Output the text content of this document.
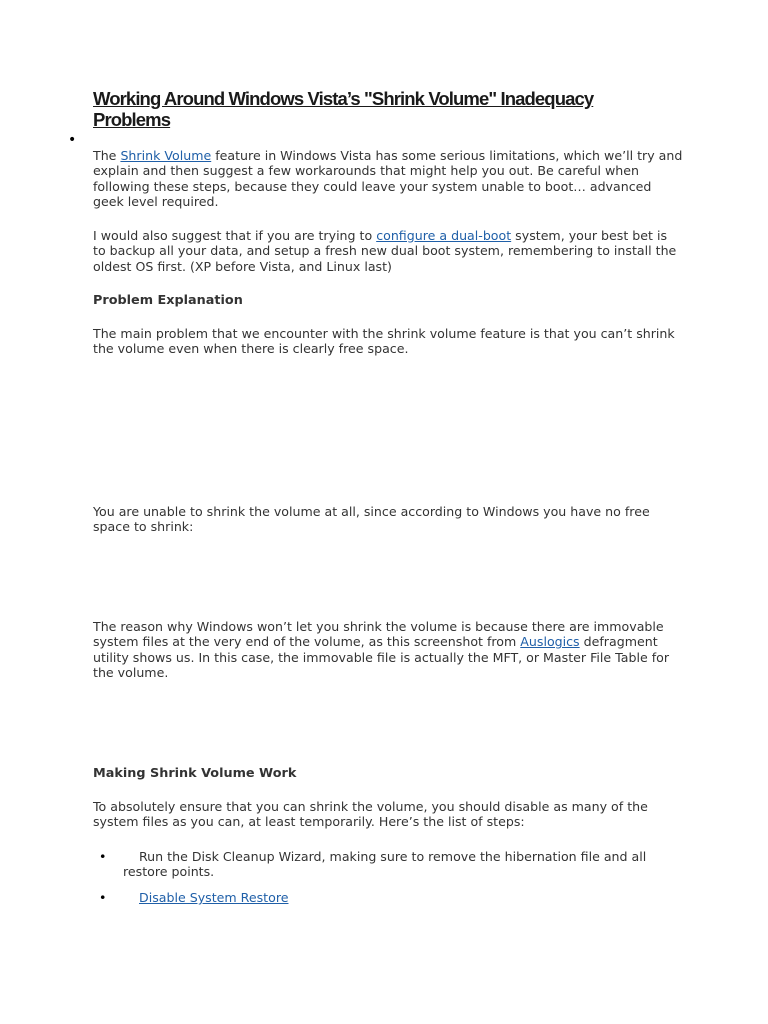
Working Around Windows Vista’s "Shrink Volume" Inadequacy Problems
•

The Shrink Volume feature in Windows Vista has some serious limitations, which we’ll try and explain and then suggest a few workarounds that might help you out. Be careful when following these steps, because they could leave your system unable to boot… advanced geek level required.

I would also suggest that if you are trying to configure a dual-boot system, your best bet is to backup all your data, and setup a fresh new dual boot system, remembering to install the oldest OS first. (XP before Vista, and Linux last)

Problem Explanation

The main problem that we encounter with the shrink volume feature is that you can’t shrink the volume even when there is clearly free space.

You are unable to shrink the volume at all, since according to Windows you have no free space to shrink:

The reason why Windows won’t let you shrink the volume is because there are immovable system files at the very end of the volume, as this screenshot from Auslogics defragment utility shows us. In this case, the immovable file is actually the MFT, or Master File Table for the volume.

Making Shrink Volume Work

To absolutely ensure that you can shrink the volume, you should disable as many of the system files as you can, at least temporarily. Here’s the list of steps:

•	Run the Disk Cleanup Wizard, making sure to remove the hibernation file and all restore points.
•	Disable System Restore
